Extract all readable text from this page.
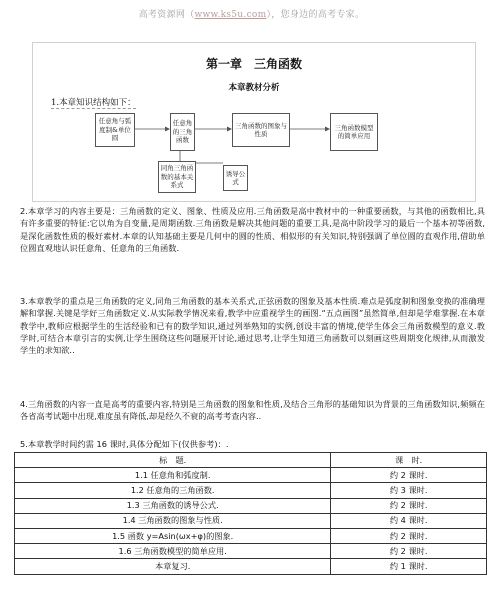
高考资源网（www.ks5u.com），您身边的高考专家。
第一章　三角函数
本章教材分析
1.本章知识结构如下：
任意角与弧度制&单位圆
任意角的三角函数
三角函数的图象与性质
三角函数模型的简单应用
同角三角函数的基本关系式
诱导公式
2.本章学习的内容主要是：三角函数的定义、图象、性质及应用.三角函数是高中教材中的一种重要函数，与其他的函数相比,具有许多重要的特征:它以角为自变量,是周期函数.三角函数是解决其他问题的重要工具,是高中阶段学习的最后一个基本初等函数,是深化函数性质的极好素材.本章的认知基础主要是几何中的圆的性质、相似形的有关知识,特别强调了单位圆的直观作用,借助单位圆直观地认识任意角、任意角的三角函数.
3.本章教学的重点是三角函数的定义,同角三角函数的基本关系式,正弦函数的图象及基本性质.难点是弧度制和图象变换的准确理解和掌握.关键是学好三角函数定义.从实际教学情况来看,教学中应重视学生的画图.“五点画图”虽然简单,但却是学难掌握.在本章教学中,教师应根据学生的生活经验和已有的数学知识,通过列举熟知的实例,创设丰富的情境,使学生体会三角函数模型的意义.教学时,可结合本章引言的实例,让学生围绕这些问题展开讨论,通过思考,让学生知道三角函数可以刻画这些周期变化规律,从而激发学生的求知欲..
4.三角函数的内容一直是高考的重要内容,特别是三角函数的图象和性质,及结合三角形的基础知识为背景的三角函数知识,频频在各省高考试题中出现,难度虽有降低,却是经久不衰的高考考查内容..
5.本章教学时间约需 16 课时,具体分配如下(仅供参考)：.
标　题.	课　时.
1.1 任意角和弧度制.	约 2 课时.
1.2 任意角的三角函数.	约 3 课时.
1.3 三角函数的诱导公式.	约 2 课时.
1.4 三角函数的图象与性质.	约 4 课时.
1.5 函数 y=Asin(ωx+φ)的图象.	约 2 课时.
1.6 三角函数模型的简单应用.	约 2 课时.
本章复习.	约 1 课时.
